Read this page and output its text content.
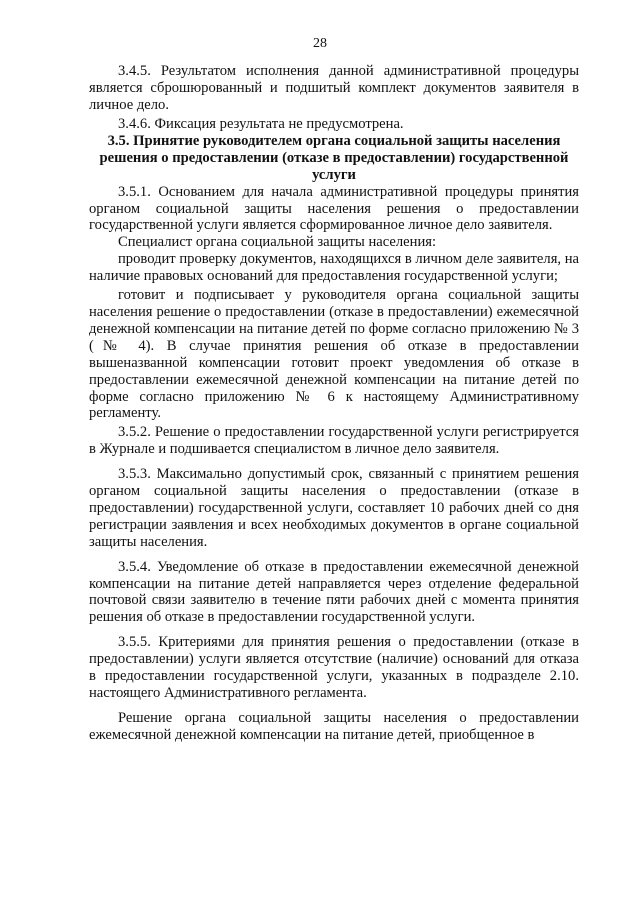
28

3.4.5. Результатом исполнения данной административной процедуры является сброшюрованный и подшитый комплект документов заявителя в личное дело.

3.4.6. Фиксация результата не предусмотрена.

3.5. Принятие руководителем органа социальной защиты населения решения о предоставлении (отказе в предоставлении) государственной услуги

3.5.1. Основанием для начала административной процедуры принятия органом социальной защиты населения решения о предоставлении государственной услуги является сформированное личное дело заявителя.

Специалист органа социальной защиты населения:

проводит проверку документов, находящихся в личном деле заявителя, на наличие правовых оснований для предоставления государственной услуги;

готовит и подписывает у руководителя органа социальной защиты населения решение о предоставлении (отказе в предоставлении) ежемесячной денежной компенсации на питание детей по форме согласно приложению № 3 (№ 4). В случае принятия решения об отказе в предоставлении вышеназванной компенсации готовит проект уведомления об отказе в предоставлении ежемесячной денежной компенсации на питание детей по форме согласно приложению № 6 к настоящему Административному регламенту.

3.5.2. Решение о предоставлении государственной услуги регистрируется в Журнале и подшивается специалистом в личное дело заявителя.

3.5.3. Максимально допустимый срок, связанный с принятием решения органом социальной защиты населения о предоставлении (отказе в предоставлении) государственной услуги, составляет 10 рабочих дней со дня регистрации заявления и всех необходимых документов в органе социальной защиты населения.

3.5.4. Уведомление об отказе в предоставлении ежемесячной денежной компенсации на питание детей направляется через отделение федеральной почтовой связи заявителю в течение пяти рабочих дней с момента принятия решения об отказе в предоставлении государственной услуги.

3.5.5. Критериями для принятия решения о предоставлении (отказе в предоставлении) услуги является отсутствие (наличие) оснований для отказа в предоставлении государственной услуги, указанных в подразделе 2.10. настоящего Административного регламента.

Решение органа социальной защиты населения о предоставлении ежемесячной денежной компенсации на питание детей, приобщенное в
